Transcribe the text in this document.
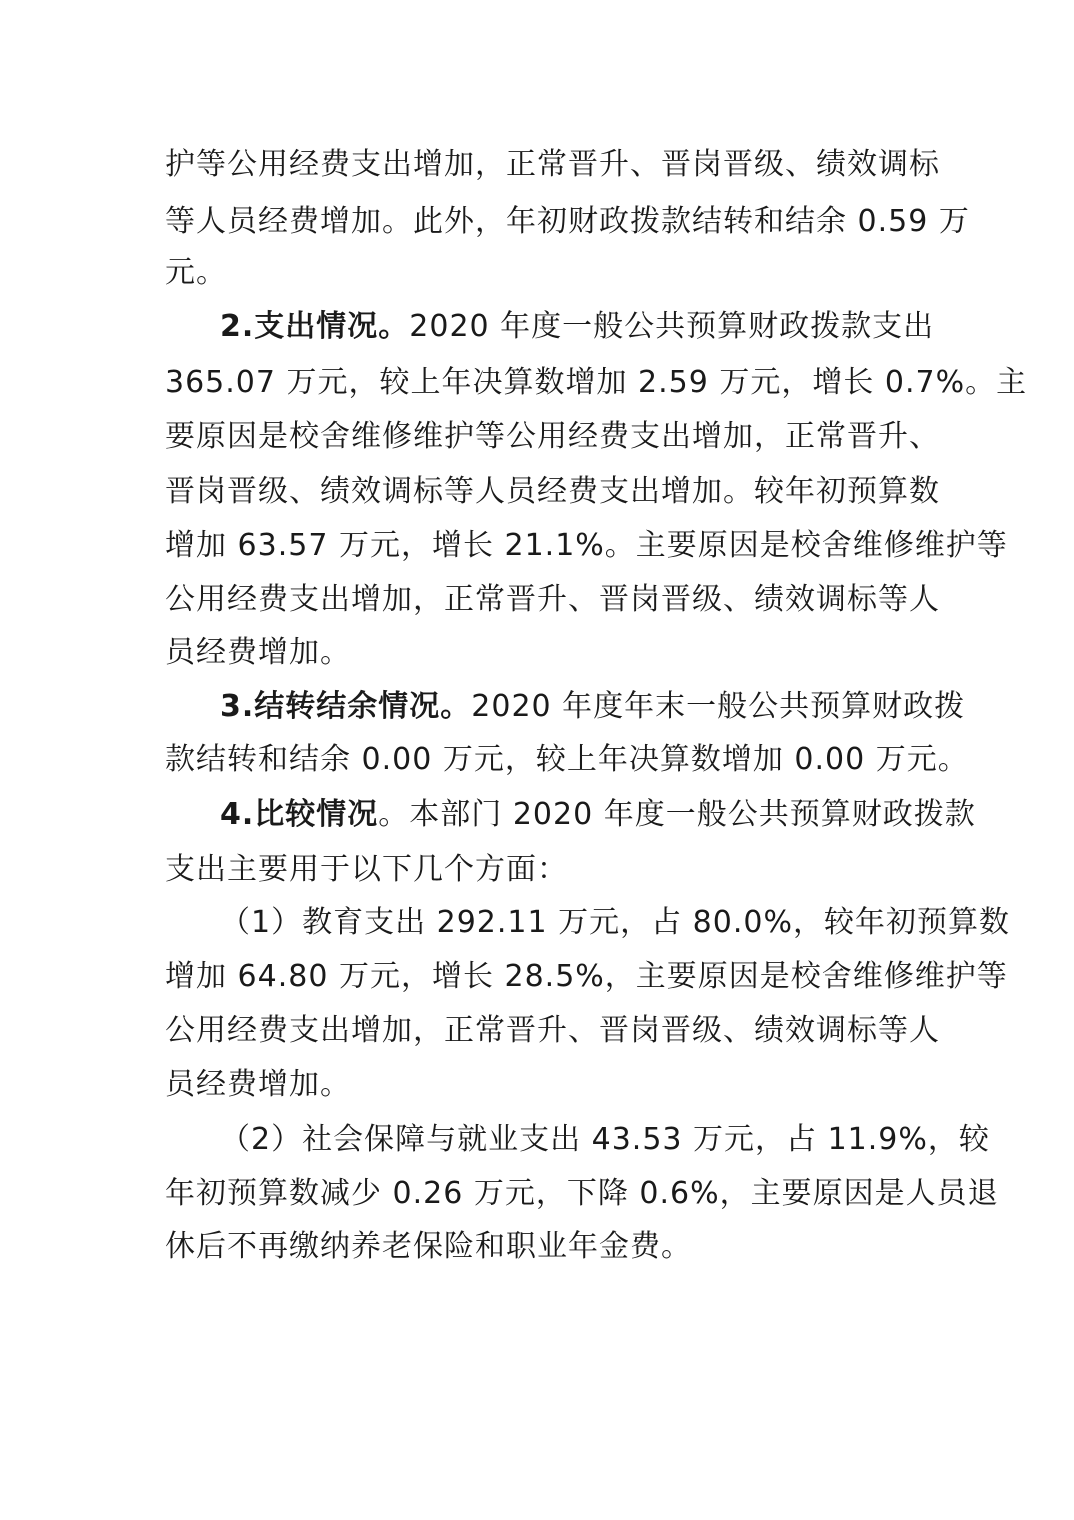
护等公用经费支出增加，正常晋升、晋岗晋级、绩效调标
等人员经费增加。此外，年初财政拨款结转和结余 0.59 万
元。
2.支出情况。2020 年度一般公共预算财政拨款支出
365.07 万元，较上年决算数增加 2.59 万元，增长 0.7%。主
要原因是校舍维修维护等公用经费支出增加，正常晋升、
晋岗晋级、绩效调标等人员经费支出增加。较年初预算数
增加 63.57 万元，增长 21.1%。主要原因是校舍维修维护等
公用经费支出增加，正常晋升、晋岗晋级、绩效调标等人
员经费增加。
3.结转结余情况。2020 年度年末一般公共预算财政拨
款结转和结余 0.00 万元，较上年决算数增加 0.00 万元。
4.比较情况。本部门 2020 年度一般公共预算财政拨款
支出主要用于以下几个方面：
（1）教育支出 292.11 万元，占 80.0%，较年初预算数
增加 64.80 万元，增长 28.5%，主要原因是校舍维修维护等
公用经费支出增加，正常晋升、晋岗晋级、绩效调标等人
员经费增加。
（2）社会保障与就业支出 43.53 万元，占 11.9%，较
年初预算数减少 0.26 万元，下降 0.6%，主要原因是人员退
休后不再缴纳养老保险和职业年金费。
